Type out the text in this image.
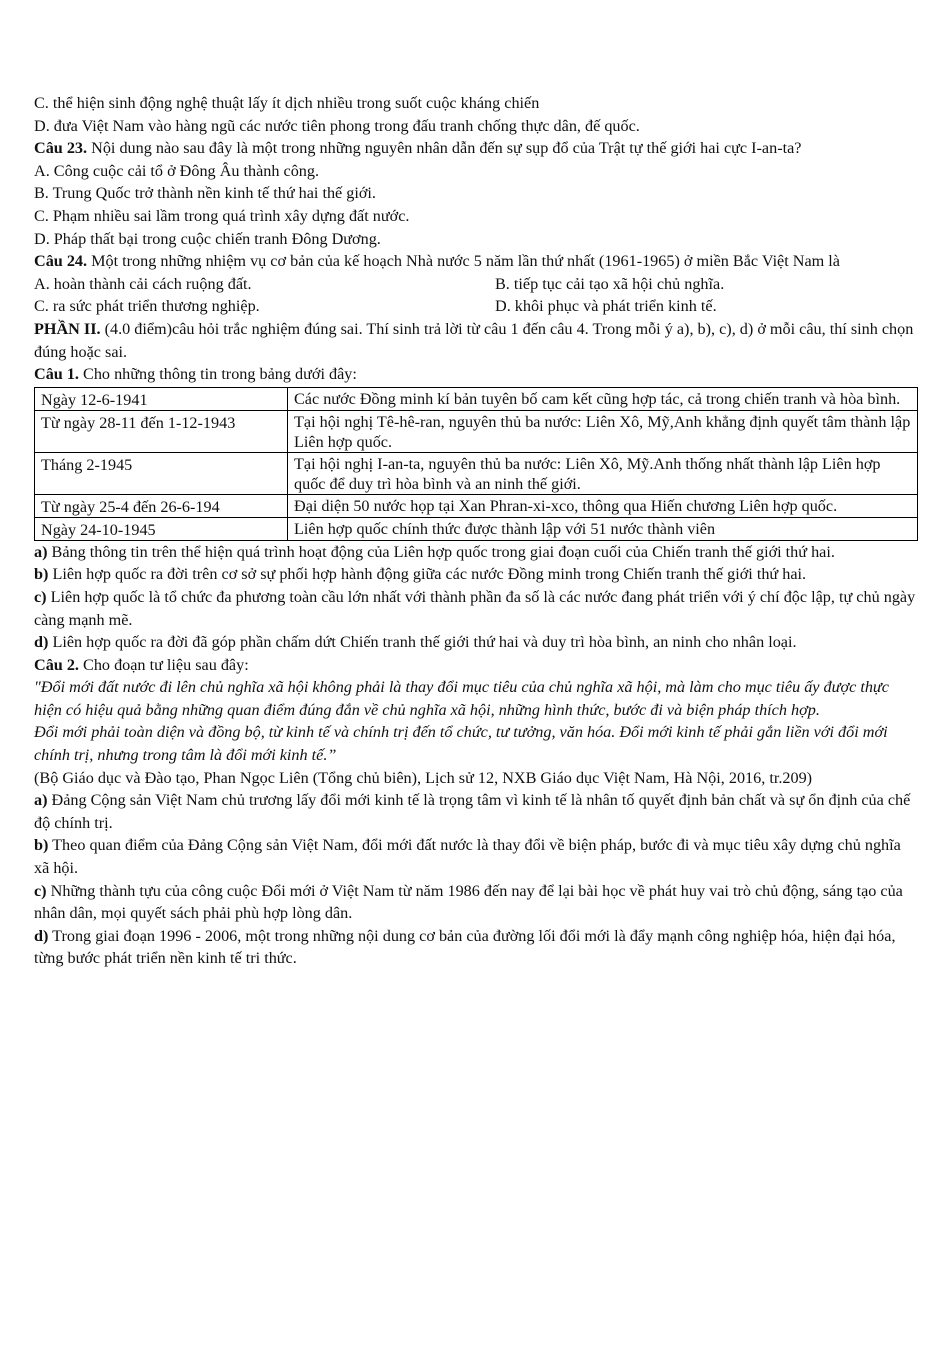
C. thể hiện sinh động nghệ thuật lấy ít dịch nhiều trong suốt cuộc kháng chiến

D. đưa Việt Nam vào hàng ngũ các nước tiên phong trong đấu tranh chống thực dân, đế quốc.

Câu 23. Nội dung nào sau đây là một trong những nguyên nhân dẫn đến sự sụp đổ của Trật tự thế giới hai cực I-an-ta?

A. Công cuộc cải tổ ở Đông Âu thành công.

B. Trung Quốc trở thành nền kinh tế thứ hai thế giới.

C. Phạm nhiều sai lầm trong quá trình xây dựng đất nước.

D. Pháp thất bại trong cuộc chiến tranh Đông Dương.

Câu 24. Một trong những nhiệm vụ cơ bản của kế hoạch Nhà nước 5 năm lần thứ nhất (1961-1965) ở miền Bắc Việt Nam là

A. hoàn thành cải cách ruộng đất.	B. tiếp tục cải tạo xã hội chủ nghĩa.
C. ra sức phát triển thương nghiệp.	D. khôi phục và phát triển kinh tế.

PHẦN II. (4.0 điểm)câu hỏi trắc nghiệm đúng sai. Thí sinh trả lời từ câu 1 đến câu 4. Trong mỗi ý a), b), c), d) ở mỗi câu, thí sinh chọn đúng hoặc sai.

Câu 1. Cho những thông tin trong bảng dưới đây:

Ngày 12-6-1941	Các nước Đồng minh kí bản tuyên bố cam kết cũng hợp tác, cả trong chiến tranh và hòa bình.
Từ ngày 28-11 đến 1-12-1943	Tại hội nghị Tê-hê-ran, nguyên thủ ba nước: Liên Xô, Mỹ,Anh khẳng định quyết tâm thành lập Liên hợp quốc.
Tháng 2-1945	Tại hội nghị I-an-ta, nguyên thủ ba nước: Liên Xô, Mỹ.Anh thống nhất thành lập Liên hợp quốc để duy trì hòa bình và an ninh thế giới.
Từ ngày 25-4 đến 26-6-194	Đại diện 50 nước họp tại Xan Phran-xi-xco, thông qua Hiến chương Liên hợp quốc.
Ngày 24-10-1945	Liên hợp quốc chính thức được thành lập với 51 nước thành viên

a) Bảng thông tin trên thể hiện quá trình hoạt động của Liên hợp quốc trong giai đoạn cuối của Chiến tranh thế giới thứ hai.

b) Liên hợp quốc ra đời trên cơ sở sự phối hợp hành động giữa các nước Đồng minh trong Chiến tranh thế giới thứ hai.

c) Liên hợp quốc là tổ chức đa phương toàn cầu lớn nhất với thành phần đa số là các nước đang phát triển với ý chí độc lập, tự chủ ngày càng mạnh mẽ.

d) Liên hợp quốc ra đời đã góp phần chấm dứt Chiến tranh thế giới thứ hai và duy trì hòa bình, an ninh cho nhân loại.

Câu 2. Cho đoạn tư liệu sau đây:

"Đổi mới đất nước đi lên chủ nghĩa xã hội không phải là thay đổi mục tiêu của chủ nghĩa xã hội, mà làm cho mục tiêu ấy được thực hiện có hiệu quả bằng những quan điểm đúng đắn về chủ nghĩa xã hội, những hình thức, bước đi và biện pháp thích hợp.

Đổi mới phải toàn diện và đồng bộ, từ kinh tế và chính trị đến tổ chức, tư tưởng, văn hóa. Đổi mới kinh tế phải gắn liền với đổi mới chính trị, nhưng trong tâm là đổi mới kinh tế.”

(Bộ Giáo dục và Đào tạo, Phan Ngọc Liên (Tổng chủ biên), Lịch sử 12, NXB Giáo dục Việt Nam, Hà Nội, 2016, tr.209)

a) Đảng Cộng sản Việt Nam chủ trương lấy đổi mới kinh tế là trọng tâm vì kinh tế là nhân tố quyết định bản chất và sự ổn định của chế độ chính trị.

b) Theo quan điểm của Đảng Cộng sản Việt Nam, đổi mới đất nước là thay đổi về biện pháp, bước đi và mục tiêu xây dựng chủ nghĩa xã hội.

c) Những thành tựu của công cuộc Đổi mới ở Việt Nam từ năm 1986 đến nay để lại bài học về phát huy vai trò chủ động, sáng tạo của nhân dân, mọi quyết sách phải phù hợp lòng dân.

d) Trong giai đoạn 1996 - 2006, một trong những nội dung cơ bản của đường lối đổi mới là đẩy mạnh công nghiệp hóa, hiện đại hóa, từng bước phát triển nền kinh tế tri thức.
